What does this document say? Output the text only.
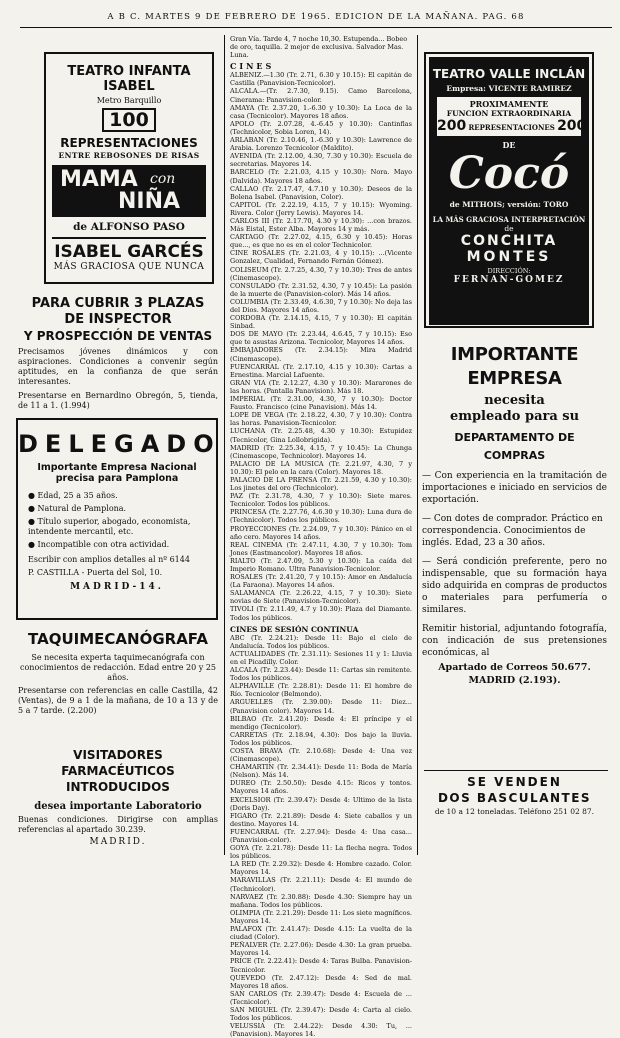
A B C. MARTES 9 DE FEBRERO DE 1965. EDICION DE LA MAÑANA. PAG. 68
TEATRO INFANTA ISABEL
Metro Barquillo
100
REPRESENTACIONES
ENTRE REBOSONES DE RISAS
MAMA con
NIÑA
de ALFONSO PASO
ISABEL GARCÉS
MÁS GRACIOSA QUE NUNCA
PARA CUBRIR 3 PLAZAS
DE INSPECTOR
Y PROSPECCIÓN DE VENTAS
Precisamos jóvenes dinámicos y con aspiraciones. Condiciones a convenir según aptitudes, en la confianza de que serán interesantes.
Presentarse en Bernardino Obregón, 5, tienda, de 11 a 1. (1.994)
DELEGADO
Importante Empresa Nacional
precisa para Pamplona
● Edad, 25 a 35 años.
● Natural de Pamplona.
● Título superior, abogado, economista, intendente mercantil, etc.
● Incompatible con otra actividad.
Escribir con amplios detalles al nº 6144
P. CASTILLA - Puerta del Sol, 10.
MADRID-14.
TAQUIMECANÓGRAFA
Se necesita experta taquimecanógrafa con conocimientos de redacción. Edad entre 20 y 25 años.
Presentarse con referencias en calle Castilla, 42 (Ventas), de 9 a 1 de la mañana, de 10 a 13 y de 5 a 7 tarde. (2.200)
VISITADORES FARMACÉUTICOS
INTRODUCIDOS
desea importante Laboratorio
Buenas condiciones. Dirigirse con amplias referencias al apartado 30.239.
MADRID.
Gran Vía. Tarde 4, 7 noche 10,30. Estupenda... Bobeo de oro, taquilla. 2 mejor de exclusiva. Salvador Mas. Luna.
CINES
ALBENIZ.—1.30 (Tr. 2.71, 6.30 y 10.15): El capitán de Castilla (Panavision-Tecnicolor).
ALCALA.—(Tr. 2.7.30, 9.15). Camo Barcelona, Cinerama: Panavision-color.
AMAYA (Tr. 2.37.20, 1.-6.30 y 10.30): La Loca de la casa (Tecnicolor). Mayores 18 años.
APOLO (Tr. 2.07.28, 4.-6.45 y 10.30): Cantinflas (Technicolor, Sobia Loren, 14).
ARLABAN (Tr. 2.10.46, 1.-6.30 y 10.30): Lawrence de Arabia. Lorenzo Tecnicolor (Maldito).
AVENIDA (Tr. 2.12.00, 4.30, 7.30 y 10.30): Escuela de secretarias. Mayores 14.
BARCELO (Tr. 2.21.03, 4.15 y 10.30): Nora. Mayo (Dalvida). Mayores 18 años.
CALLAO (Tr. 2.17.47, 4.7.10 y 10.30): Deseos de la Bolena Isabel. (Panavision, Color).
CAPITOL (Tr. 2.22.19, 4.15, 7 y 10.15): Wyoming. Rivera. Color (Jerry Lewis). Mayores 14.
CARLOS III (Tr. 2.17.70, 4.30 y 10.30): ...con brazos. Más Eistal, Ester Alba. Mayores 14 y más.
CARTAGO (Tr. 2.27.02, 4.15, 6.30 y 10.45): Horas que..., es que no es en el color Technicolor.
CINE ROSALES (Tr. 2.21.03, 4 y 10.15): ...(Vicente Gonzalez, Cualidad, Fernando Fernán Gómez).
COLISEUM (Tr. 2.7.25, 4.30, 7 y 10.30): Tres de antes (Cinemascope).
CONSULADO (Tr. 2.31.52, 4.30, 7 y 10.45): La pasión de la muerte de (Panavision-color). Más 14 años.
COLUMBIA (Tr. 2.33.49, 4.6.30, 7 y 10.30): No deja las del Dios. Mayores 14 años.
CORDOBA (Tr. 2.14.15, 4.15, 7 y 10.30): El capitán Sinbad.
DOS DE MAYO (Tr. 2.23.44, 4.6.45, 7 y 10.15): Eso que te asustas Arizona. Tecnicolor, Mayores 14 años.
EMBAJADORES (Tr. 2.34.15): Mira Madrid (Cinemascope).
FUENCARRAL (Tr. 2.17.10, 4.15 y 10.30): Cartas a Ernestina. Marcial Lafuente.
GRAN VIA (Tr. 2.12.27, 4.30 y 10.30): Mararones de las horas. (Pantalla Panavision). Más 18.
IMPERIAL (Tr. 2.31.00, 4.30, 7 y 10.30): Doctor Fausto. Francisco (cine Panavision). Más 14.
LOPE DE VEGA (Tr. 2.18.22, 4.30, 7 y 10.30): Contra las horas. Panavision-Tecnicolor.
LUCHANA (Tr. 2.25.48, 4.30 y 10.30): Estupidez (Tecnicolor, Gina Lollobrigida).
MADRID (Tr. 2.25.34, 4.15, 7 y 10.45): La Chunga (Cinemascope, Technicolor). Mayores 14.
PALACIO DE LA MUSICA (Tr. 2.21.97, 4.30, 7 y 10.30): El pelo en la cara (Color). Mayores 18.
PALACIO DE LA PRENSA (Tr. 2.21.59, 4.30 y 10.30): Los jinetes del oro (Technicolor).
PAZ (Tr. 2.31.78, 4.30, 7 y 10.30): Siete mares. Tecnicolor. Todos los públicos.
PRINCESA (Tr. 2.27.76, 4.6.30 y 10.30): Luna dura de (Technicolor). Todos los públicos.
PROYECCIONES (Tr. 2.24.09, 7 y 10.30): Pánico en el año cero. Mayores 14 años.
REAL CINEMA (Tr. 2.47.11, 4.30, 7 y 10.30): Tom Jones (Eastmancolor). Mayores 18 años.
RIALTO (Tr. 2.47.09, 5.30 y 10.30): La caída del Imperio Romano. Ultra Panavision-Tecnicolor.
ROSALES (Tr. 2.41.20, 7 y 10.15): Amor en Andalucía (La Faraona). Mayores 14 años.
SALAMANCA (Tr. 2.26.22, 4.15, 7 y 10.30): Siete novias de Siete (Panavision-Tecnicolor).
TIVOLI (Tr. 2.11.49, 4.7 y 10.30): Plaza del Diamante. Todos los públicos.
CINES DE SESIÓN CONTINUA
ABC (Tr. 2.24.21): Desde 11: Bajo el cielo de Andalucía. Todos los públicos.
ACTUALIDADES (Tr. 2.31.11): Sesiones 11 y 1: Lluvia en el Picadilly. Color.
ALCALA (Tr. 2.23.44): Desde 11: Cartas sin remitente. Todos los públicos.
ALPHAVILLE (Tr. 2.28.81): Desde 11: El hombre de Río. Tecnicolor (Belmondo).
ARGUELLES (Tr. 2.39.00): Desde 11: Diez... (Panavision color). Mayores 14.
BILBAO (Tr. 2.41.20): Desde 4: El príncipe y el mendigo (Tecnicolor).
CARRETAS (Tr. 2.18.94, 4.30): Dos bajo la lluvia. Todos los públicos.
COSTA BRAVA (Tr. 2.10.68): Desde 4: Una vez (Cinemascope).
CHAMARTIN (Tr. 2.34.41): Desde 11: Boda de María (Nelson). Más 14.
DUREO (Tr. 2.50.50): Desde 4.15: Ricos y tontos. Mayores 14 años.
EXCELSIOR (Tr. 2.39.47): Desde 4: Ultimo de la lista (Doris Day).
FIGARO (Tr. 2.21.89): Desde 4: Siete caballos y un destino. Mayores 14.
FUENCARRAL (Tr. 2.27.94): Desde 4: Una casa... (Panavision-color).
GOYA (Tr. 2.21.78): Desde 11: La flecha negra. Todos los públicos.
LA RED (Tr. 2.29.32): Desde 4: Hombre cazado. Color. Mayores 14.
MARAVILLAS (Tr. 2.21.11): Desde 4: El mundo de (Technicolor).
NARVAEZ (Tr. 2.30.88): Desde 4.30: Siempre hay un mañana. Todos los públicos.
OLIMPIA (Tr. 2.21.29): Desde 11: Los siete magníficos. Mayores 14.
PALAFOX (Tr. 2.41.47): Desde 4.15: La vuelta de la ciudad (Color).
PEÑALVER (Tr. 2.27.06): Desde 4.30: La gran prueba. Mayores 14.
PRICE (Tr. 2.22.41): Desde 4: Taras Bulba. Panavision-Tecnicolor.
QUEVEDO (Tr. 2.47.12): Desde 4: Sed de mal. Mayores 18 años.
SAN CARLOS (Tr. 2.39.47): Desde 4: Escuela de ... (Tecnicolor).
SAN MIGUEL (Tr. 2.39.47): Desde 4: Carta al cielo. Todos los públicos.
VELUSSIA (Tr. 2.44.22): Desde 4.30: Tu, ... (Panavision). Mayores 14.
TEATRO VALLE INCLÁN
Empresa: VICENTE RAMIREZ
PROXIMAMENTE
FUNCION EXTRAORDINARIA
200 REPRESENTACIONES 200
DE
Cocó
de MITHOIS; versión: TORO
LA MÁS GRACIOSA INTERPRETACIÓN
de
CONCHITA
MONTES
DIRECCIÓN:
FERNAN-GOMEZ
IMPORTANTE EMPRESA
necesita
empleado para su
DEPARTAMENTO DE COMPRAS
— Con experiencia en la tramitación de importaciones e iniciado en servicios de exportación.
— Con dotes de comprador. Práctico en correspondencia. Conocimientos de inglés. Edad, 23 a 30 años.
— Será condición preferente, pero no indispensable, que su formación haya sido adquirida en compras de productos o materiales para perfumería o similares.
Remitir historial, adjuntando fotografía, con indicación de sus pretensiones económicas, al
Apartado de Correos 50.677.
MADRID (2.193).
SE VENDEN
DOS BASCULANTES
de 10 a 12 toneladas. Teléfono 251 02 87.
